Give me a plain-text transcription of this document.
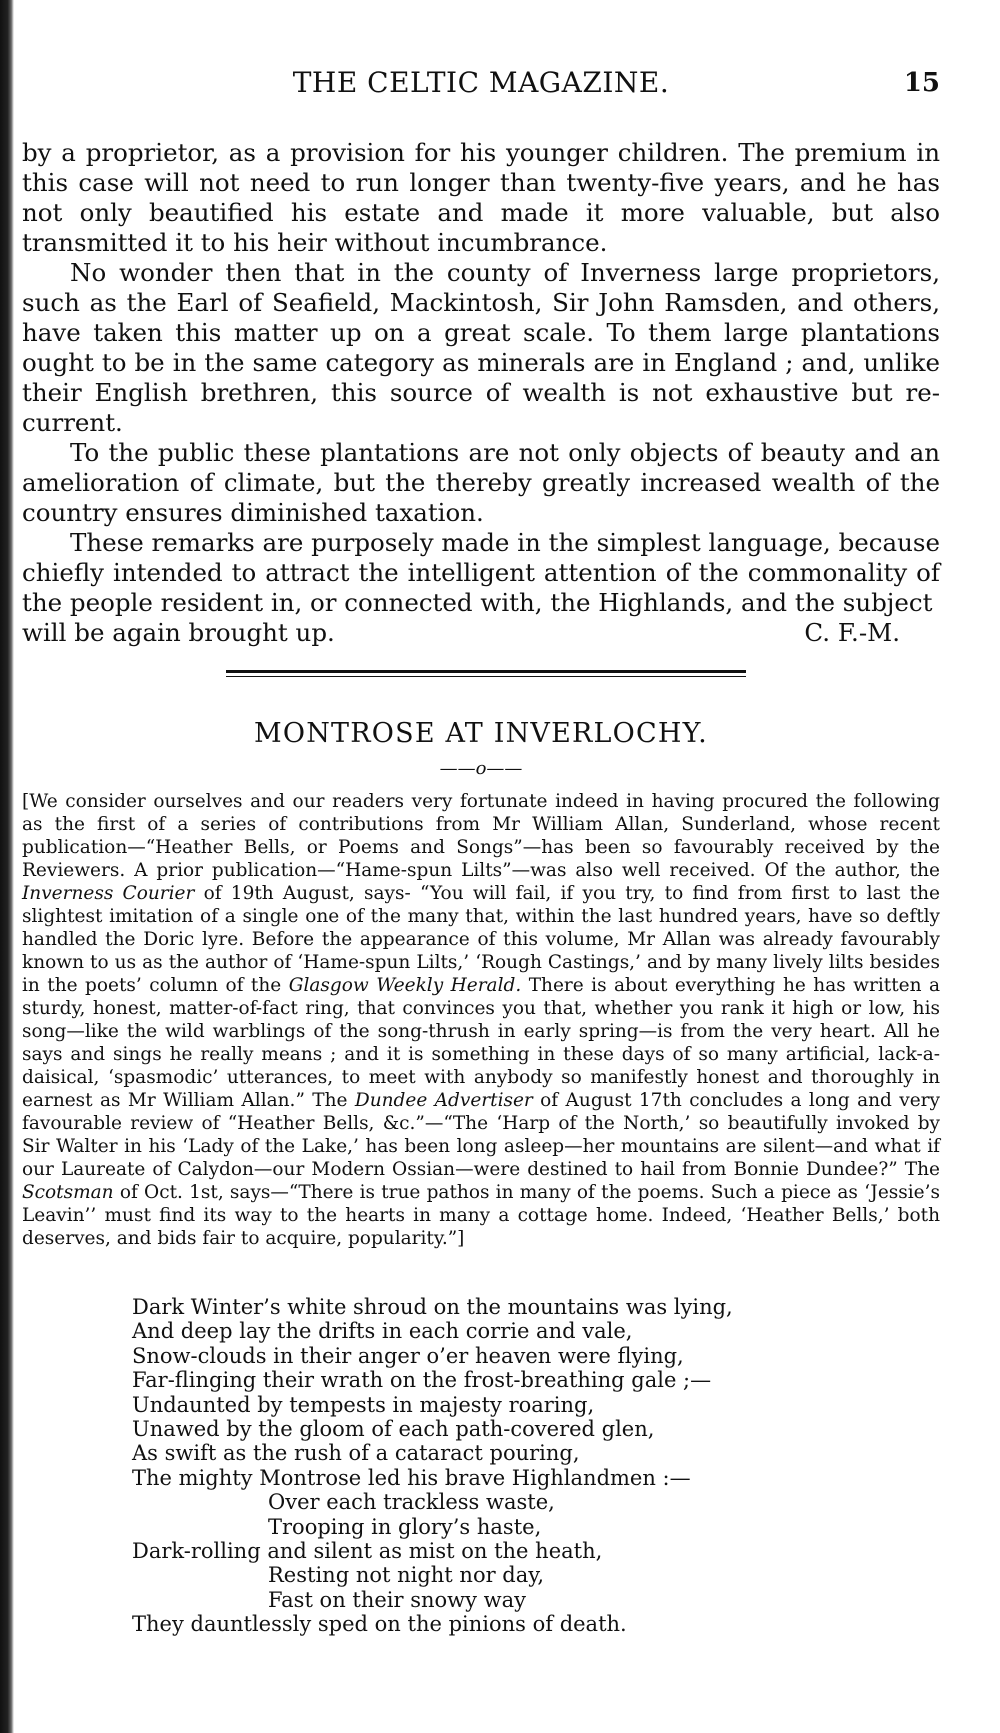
THE CELTIC MAGAZINE.	15

by a proprietor, as a provision for his younger children. The premium in this case will not need to run longer than twenty-five years, and he has not only beautified his estate and made it more valuable, but also transmitted it to his heir without incumbrance.

No wonder then that in the county of Inverness large proprietors, such as the Earl of Seafield, Mackintosh, Sir John Ramsden, and others, have taken this matter up on a great scale. To them large plantations ought to be in the same category as minerals are in England ; and, unlike their English brethren, this source of wealth is not exhaustive but re-current.

To the public these plantations are not only objects of beauty and an amelioration of climate, but the thereby greatly increased wealth of the country ensures diminished taxation.

These remarks are purposely made in the simplest language, because chiefly intended to attract the intelligent attention of the commonality of the people resident in, or connected with, the Highlands, and the subject

will be again brought up.	C. F.-M.
MONTROSE AT INVERLOCHY.
——o——
[We consider ourselves and our readers very fortunate indeed in having procured the following as the first of a series of contributions from Mr William Allan, Sunderland, whose recent publication—“Heather Bells, or Poems and Songs”—has been so favourably received by the Reviewers. A prior publication—“Hame-spun Lilts”—was also well received. Of the author, the Inverness Courier of 19th August, says- “You will fail, if you try, to find from first to last the slightest imitation of a single one of the many that, within the last hundred years, have so deftly handled the Doric lyre. Before the appearance of this volume, Mr Allan was already favourably known to us as the author of ‘Hame-spun Lilts,’ ‘Rough Castings,’ and by many lively lilts besides in the poets’ column of the Glasgow Weekly Herald. There is about everything he has written a sturdy, honest, matter-of-fact ring, that convinces you that, whether you rank it high or low, his song—like the wild warblings of the song-thrush in early spring—is from the very heart. All he says and sings he really means ; and it is something in these days of so many artificial, lack-a-daisical, ‘spasmodic’ utterances, to meet with anybody so manifestly honest and thoroughly in earnest as Mr William Allan.” The Dundee Advertiser of August 17th concludes a long and very favourable review of “Heather Bells, &c.”—“The ‘Harp of the North,’ so beautifully invoked by Sir Walter in his ‘Lady of the Lake,’ has been long asleep—her mountains are silent—and what if our Laureate of Calydon—our Modern Ossian—were destined to hail from Bonnie Dundee?” The Scotsman of Oct. 1st, says—“There is true pathos in many of the poems. Such a piece as ‘Jessie’s Leavin’’ must find its way to the hearts in many a cottage home. Indeed, ‘Heather Bells,’ both deserves, and bids fair to acquire, popularity.”]
Dark Winter’s white shroud on the mountains was lying,
And deep lay the drifts in each corrie and vale,
Snow-clouds in their anger o’er heaven were flying,
Far-flinging their wrath on the frost-breathing gale ;—
Undaunted by tempests in majesty roaring,
Unawed by the gloom of each path-covered glen,
As swift as the rush of a cataract pouring,
The mighty Montrose led his brave Highlandmen :—
Over each trackless waste,
Trooping in glory’s haste,
Dark-rolling and silent as mist on the heath,
Resting not night nor day,
Fast on their snowy way
They dauntlessly sped on the pinions of death.
